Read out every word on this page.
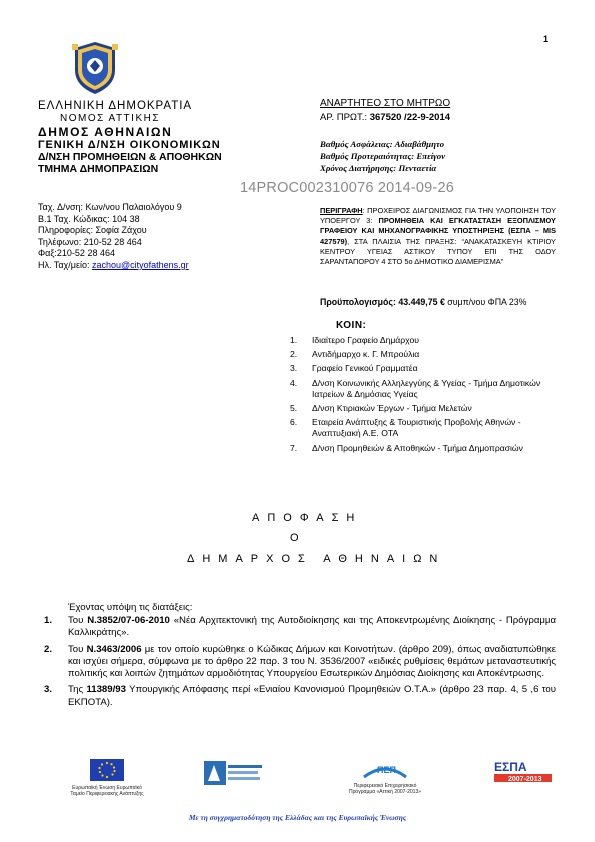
1
ΕΛΛΗΝΙΚΗ ΔΗΜΟΚΡΑΤΙΑ
ΝΟΜΟΣ ΑΤΤΙΚΗΣ
ΔΗΜΟΣ ΑΘΗΝΑΙΩΝ
ΓΕΝΙΚΗ Δ/ΝΣΗ ΟΙΚΟΝΟΜΙΚΩΝ
Δ/ΝΣΗ ΠΡΟΜΗΘΕΙΩΝ & ΑΠΟΘΗΚΩΝ
ΤΜΗΜΑ ΔΗΜΟΠΡΑΣΙΩΝ
Ταχ. Δ/νση: Κων/νου Παλαιολόγου 9
Β.1 Ταχ. Κώδικας: 104 38
Πληροφορίες: Σοφία Ζάχου
Τηλέφωνο: 210-52 28 464
Φαξ:210-52 28 464
Ηλ. Ταχ/μείο: zachou@cityofathens.gr
ΑΝΑΡΤΗΤΕΟ ΣΤΟ ΜΗΤΡΩΟ
ΑΡ. ΠΡΩΤ.: 367520 /22-9-2014
Βαθμός Ασφάλειας: Αδιαβάθμητο
Βαθμός Προτεραιότητας: Επείγον
Χρόνος Διατήρησης: Πενταετία
14PROC002310076 2014-09-26
ΠΕΡΙΓΡΑΦΗ: ΠΡΟΧΕΙΡΟΣ ΔΙΑΓΩΝΙΣΜΟΣ ΓΙΑ ΤΗΝ ΥΛΟΠΟΙΗΣΗ ΤΟΥ ΥΠΟΕΡΓΟΥ 3: ΠΡΟΜΗΘΕΙΑ ΚΑΙ ΕΓΚΑΤΑΣΤΑΣΗ ΕΞΟΠΛΙΣΜΟΥ ΓΡΑΦΕΙΟΥ ΚΑΙ ΜΗΧΑΝΟΓΡΑΦΙΚΗΣ ΥΠΟΣΤΗΡΙΞΗΣ (ΕΣΠΑ – MIS 427579), ΣΤΑ ΠΛΑΙΣΙΑ ΤΗΣ ΠΡΑΞΗΣ: “ΑΝΑΚΑΤΑΣΚΕΥΗ ΚΤΙΡΙΟΥ ΚΕΝΤΡΟΥ ΥΓΕΙΑΣ ΑΣΤΙΚΟΥ ΤΥΠΟΥ ΕΠΙ ΤΗΣ ΟΔΟΥ ΣΑΡΑΝΤΑΠΟΡΟΥ 4 ΣΤΟ 5ο ΔΗΜΟΤΙΚΟ ΔΙΑΜΕΡΙΣΜΑ”
Προϋπολογισμός: 43.449,75 € συμπ/νου ΦΠΑ 23%
ΚΟΙΝ:
1. Ιδιαίτερο Γραφείο Δημάρχου
2. Αντιδήμαρχο κ. Γ. Μπρούλια
3. Γραφείο Γενικού Γραμματέα
4. Δ/νση Κοινωνικής Αλληλεγγύης & Υγείας - Τμήμα Δημοτικών Ιατρείων & Δημόσιας Υγείας
5. Δ/νση Κτιριακών Έργων - Τμήμα Μελετών
6. Εταιρεία Ανάπτυξης & Τουριστικής Προβολής Αθηνών - Αναπτυξιακή Α.Ε. ΟΤΑ
7. Δ/νση Προμηθειών & Αποθηκών - Τμήμα Δημοπρασιών
ΑΠΟΦΑΣΗ
Ο
ΔΗΜΑΡΧΟΣ ΑΘΗΝΑΙΩΝ
Έχοντας υπόψη τις διατάξεις:
1. Του Ν.3852/07-06-2010 «Νέα Αρχιτεκτονική της Αυτοδιοίκησης και της Αποκεντρωμένης Διοίκησης - Πρόγραμμα Καλλικράτης».
2. Του Ν.3463/2006 με τον οποίο κυρώθηκε ο Κώδικας Δήμων και Κοινοτήτων. (άρθρο 209), όπως αναδιατυπώθηκε και ισχύει σήμερα, σύμφωνα με το άρθρο 22 παρ. 3 του Ν. 3536/2007 «ειδικές ρυθμίσεις θεμάτων μεταναστευτικής πολιτικής και λοιπών ζητημάτων αρμοδιότητας Υπουργείου Εσωτερικών Δημόσιας Διοίκησης και Αποκέντρωσης.
3. Της 11389/93 Υπουργικής Απόφασης περί «Ενιαίου Κανονισμού Προμηθειών Ο.Τ.Α.» (άρθρο 23 παρ. 4, 5 ,6 του ΕΚΠΟΤΑ).
Ευρωπαϊκή Ένωση Ευρωπαϊκό Ταμείο Περιφερειακής Ανάπτυξης
ΠΕΠ
Περιφερειακό Επιχειρησιακό Πρόγραμμα «Αττική 2007-2013»
ΕΣΠΑ
2007-2013
Με τη συγχρηματοδότηση της Ελλάδας και της Ευρωπαϊκής Ένωσης
